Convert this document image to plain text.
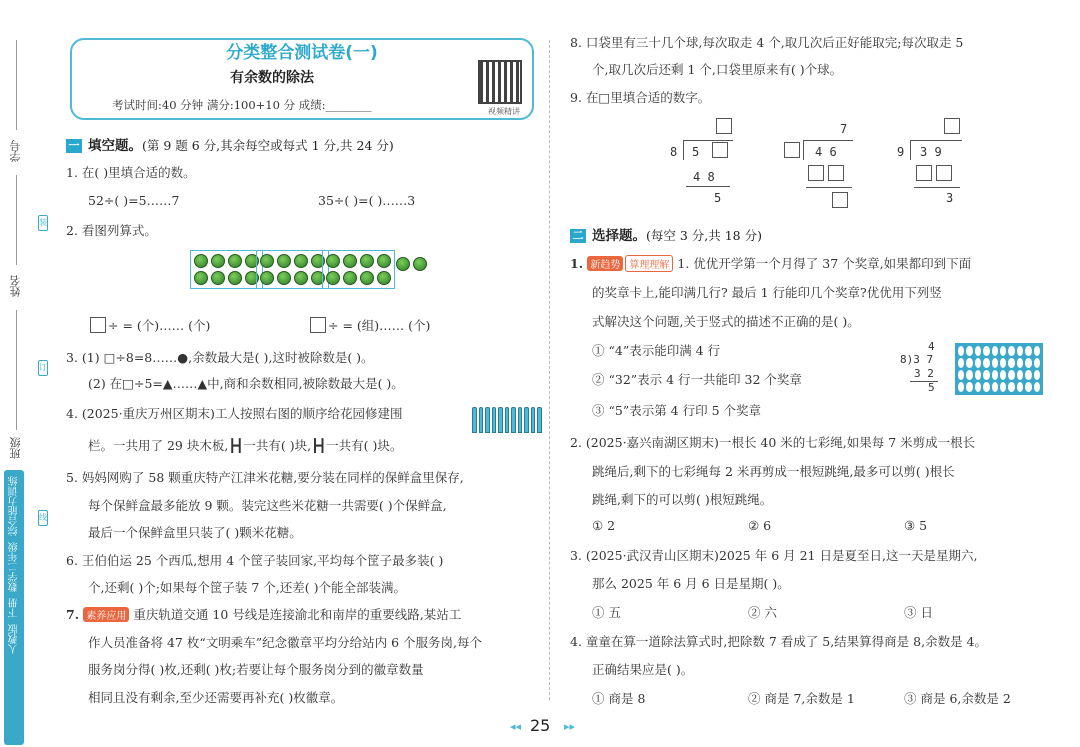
学号
姓名
班级
装
订
线
综合能力训练
数学二年级
下册
人教版
分类整合测试卷(一)
有余数的除法
考试时间:40 分钟 满分:100+10 分 成绩:________	视频精讲
一 填空题。(第 9 题 6 分,其余每空或每式 1 分,共 24 分)
1. 在( )里填合适的数。
52÷( )=5……7	35÷( )=( )……3
2. 看图列算式。
÷ = (个)…… (个)	÷ = (组)…… (个)
3. (1) □÷8=8……●,余数最大是( ),这时被除数是( )。
(2) 在□÷5=▲……▲中,商和余数相同,被除数最大是( )。
4. (2025·重庆万州区期末)工人按照右图的顺序给花园修建围
栏。一共用了 29 块木板,┣┫一共有( )块,┣┫一共有( )块。
5. 妈妈网购了 58 颗重庆特产江津米花糖,要分装在同样的保鲜盒里保存,
每个保鲜盒最多能放 9 颗。装完这些米花糖一共需要( )个保鲜盒,
最后一个保鲜盒里只装了( )颗米花糖。
6. 王伯伯运 25 个西瓜,想用 4 个筐子装回家,平均每个筐子最多装( )
个,还剩( )个;如果每个筐子装 7 个,还差( )个能全部装满。
7. 素养应用 重庆轨道交通 10 号线是连接渝北和南岸的重要线路,某站工
作人员准备将 47 枚“文明乘车”纪念徽章平均分给站内 6 个服务岗,每个
服务岗分得( )枚,还剩( )枚;若要让每个服务岗分到的徽章数量
相同且没有剩余,至少还需要再补充( )枚徽章。
8. 口袋里有三十几个球,每次取走 4 个,取几次后正好能取完;每次取走 5
个,取几次后还剩 1 个,口袋里原来有( )个球。
9. 在□里填合适的数字。
8 5
4 8
5
7
4 6	9 3 9
3
二 选择题。(每空 3 分,共 18 分)
1. 新趋势 算理理解 1. 优优开学第一个月得了 37 个奖章,如果都印到下面
的奖章卡上,能印满几行? 最后 1 行能印几个奖章?优优用下列竖
式解决这个问题,关于竖式的描述不正确的是( )。
① “4”表示能印满 4 行
② “32”表示 4 行一共能印 32 个奖章
③ “5”表示第 4 行印 5 个奖章
4
8)3 7
3 2
5
2. (2025·嘉兴南湖区期末)一根长 40 米的七彩绳,如果每 7 米剪成一根长
跳绳后,剩下的七彩绳每 2 米再剪成一根短跳绳,最多可以剪( )根长
跳绳,剩下的可以剪( )根短跳绳。
① 2	② 6	③ 5
3. (2025·武汉青山区期末)2025 年 6 月 21 日是夏至日,这一天是星期六,
那么 2025 年 6 月 6 日是星期( )。
① 五	② 六	③ 日
4. 童童在算一道除法算式时,把除数 7 看成了 5,结果算得商是 8,余数是 4。
正确结果应是( )。
① 商是 8	② 商是 7,余数是 1	③ 商是 6,余数是 2
◂◂ 25 ▸▸
